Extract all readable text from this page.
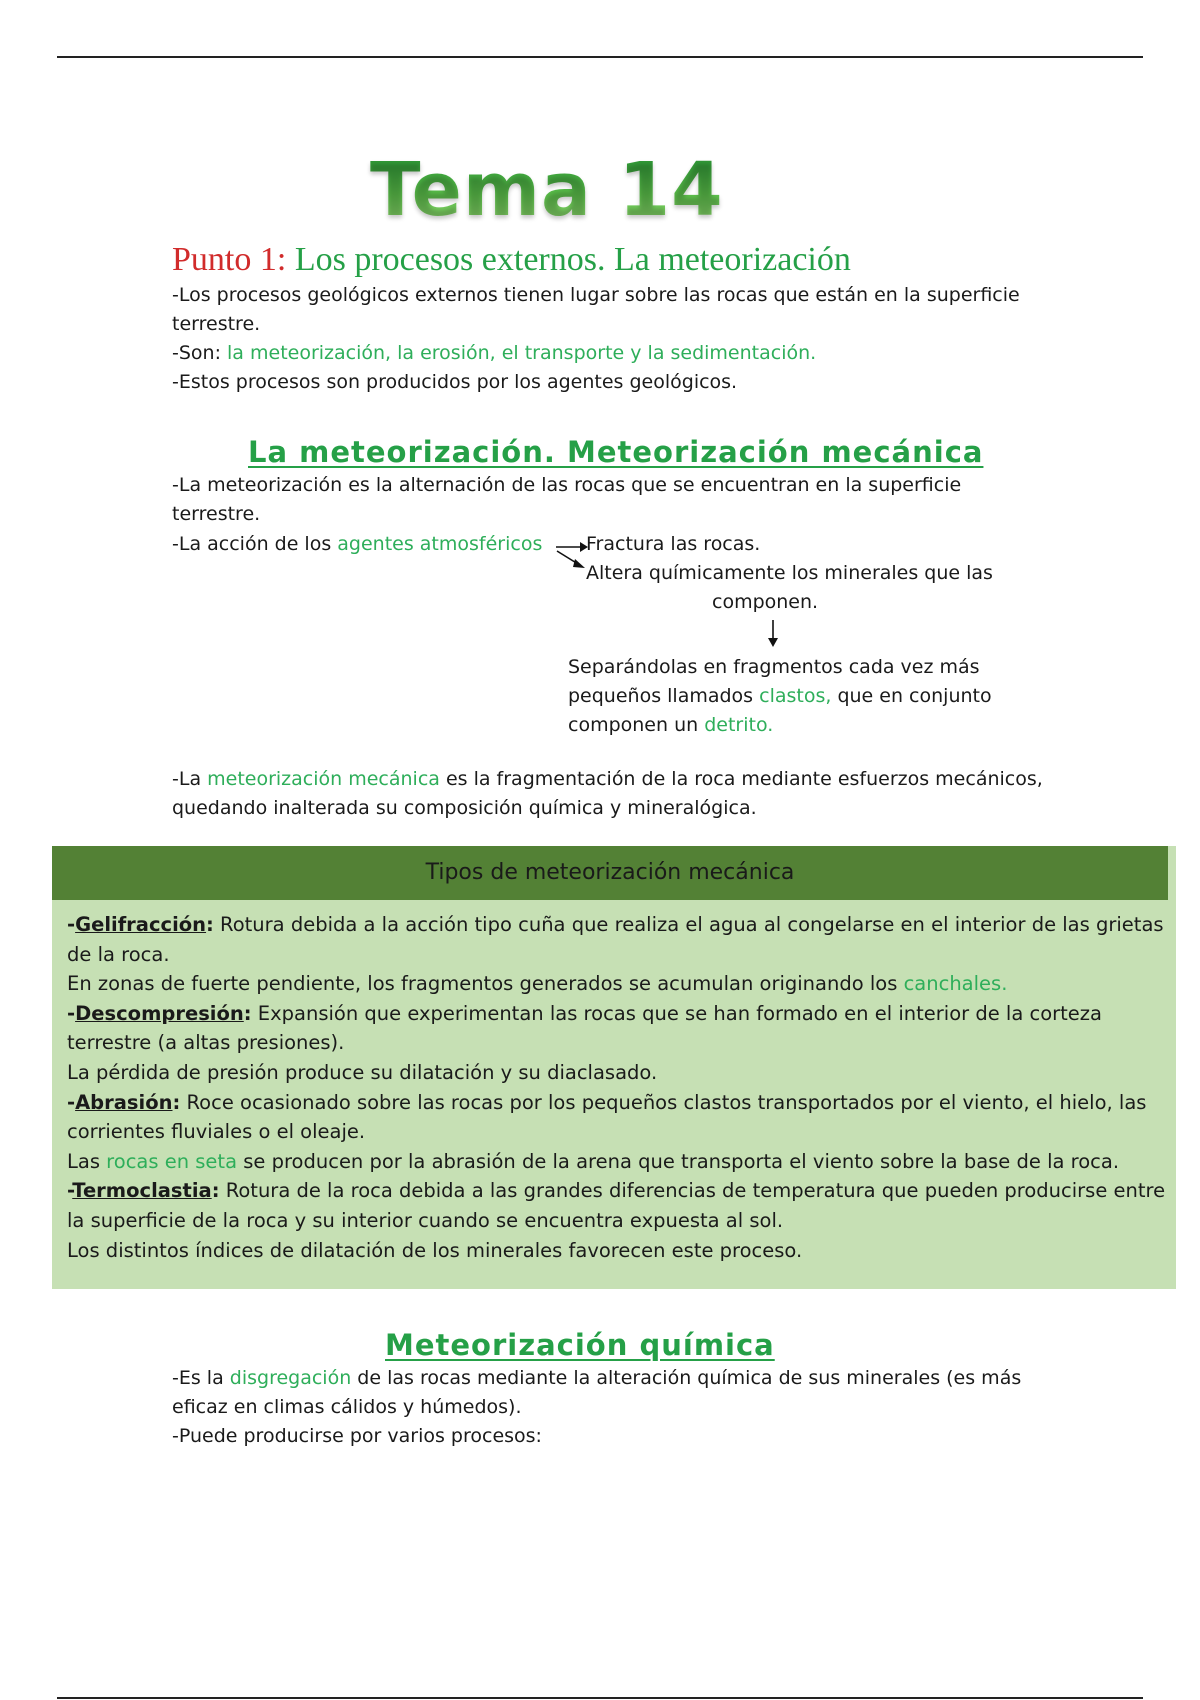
Tema 14
Punto 1: Los procesos externos. La meteorización
-Los procesos geológicos externos tienen lugar sobre las rocas que están en la superficie
terrestre.
-Son: la meteorización, la erosión, el transporte y la sedimentación.
-Estos procesos son producidos por los agentes geológicos.
La meteorización. Meteorización mecánica
-La meteorización es la alternación de las rocas que se encuentran en la superficie
terrestre.
-La acción de los agentes atmosféricos Fractura las rocas.
Altera químicamente los minerales que las
componen.
Separándolas en fragmentos cada vez más
pequeños llamados clastos, que en conjunto
componen un detrito.
-La meteorización mecánica es la fragmentación de la roca mediante esfuerzos mecánicos,
quedando inalterada su composición química y mineralógica.
Tipos de meteorización mecánica
-Gelifracción: Rotura debida a la acción tipo cuña que realiza el agua al congelarse en el interior de las grietas
de la roca.
En zonas de fuerte pendiente, los fragmentos generados se acumulan originando los canchales.
-Descompresión: Expansión que experimentan las rocas que se han formado en el interior de la corteza
terrestre (a altas presiones).
La pérdida de presión produce su dilatación y su diaclasado.
-Abrasión: Roce ocasionado sobre las rocas por los pequeños clastos transportados por el viento, el hielo, las
corrientes fluviales o el oleaje.
Las rocas en seta se producen por la abrasión de la arena que transporta el viento sobre la base de la roca.
-Termoclastia: Rotura de la roca debida a las grandes diferencias de temperatura que pueden producirse entre
la superficie de la roca y su interior cuando se encuentra expuesta al sol.
Los distintos índices de dilatación de los minerales favorecen este proceso.
Meteorización química
-Es la disgregación de las rocas mediante la alteración química de sus minerales (es más
eficaz en climas cálidos y húmedos).
-Puede producirse por varios procesos:
